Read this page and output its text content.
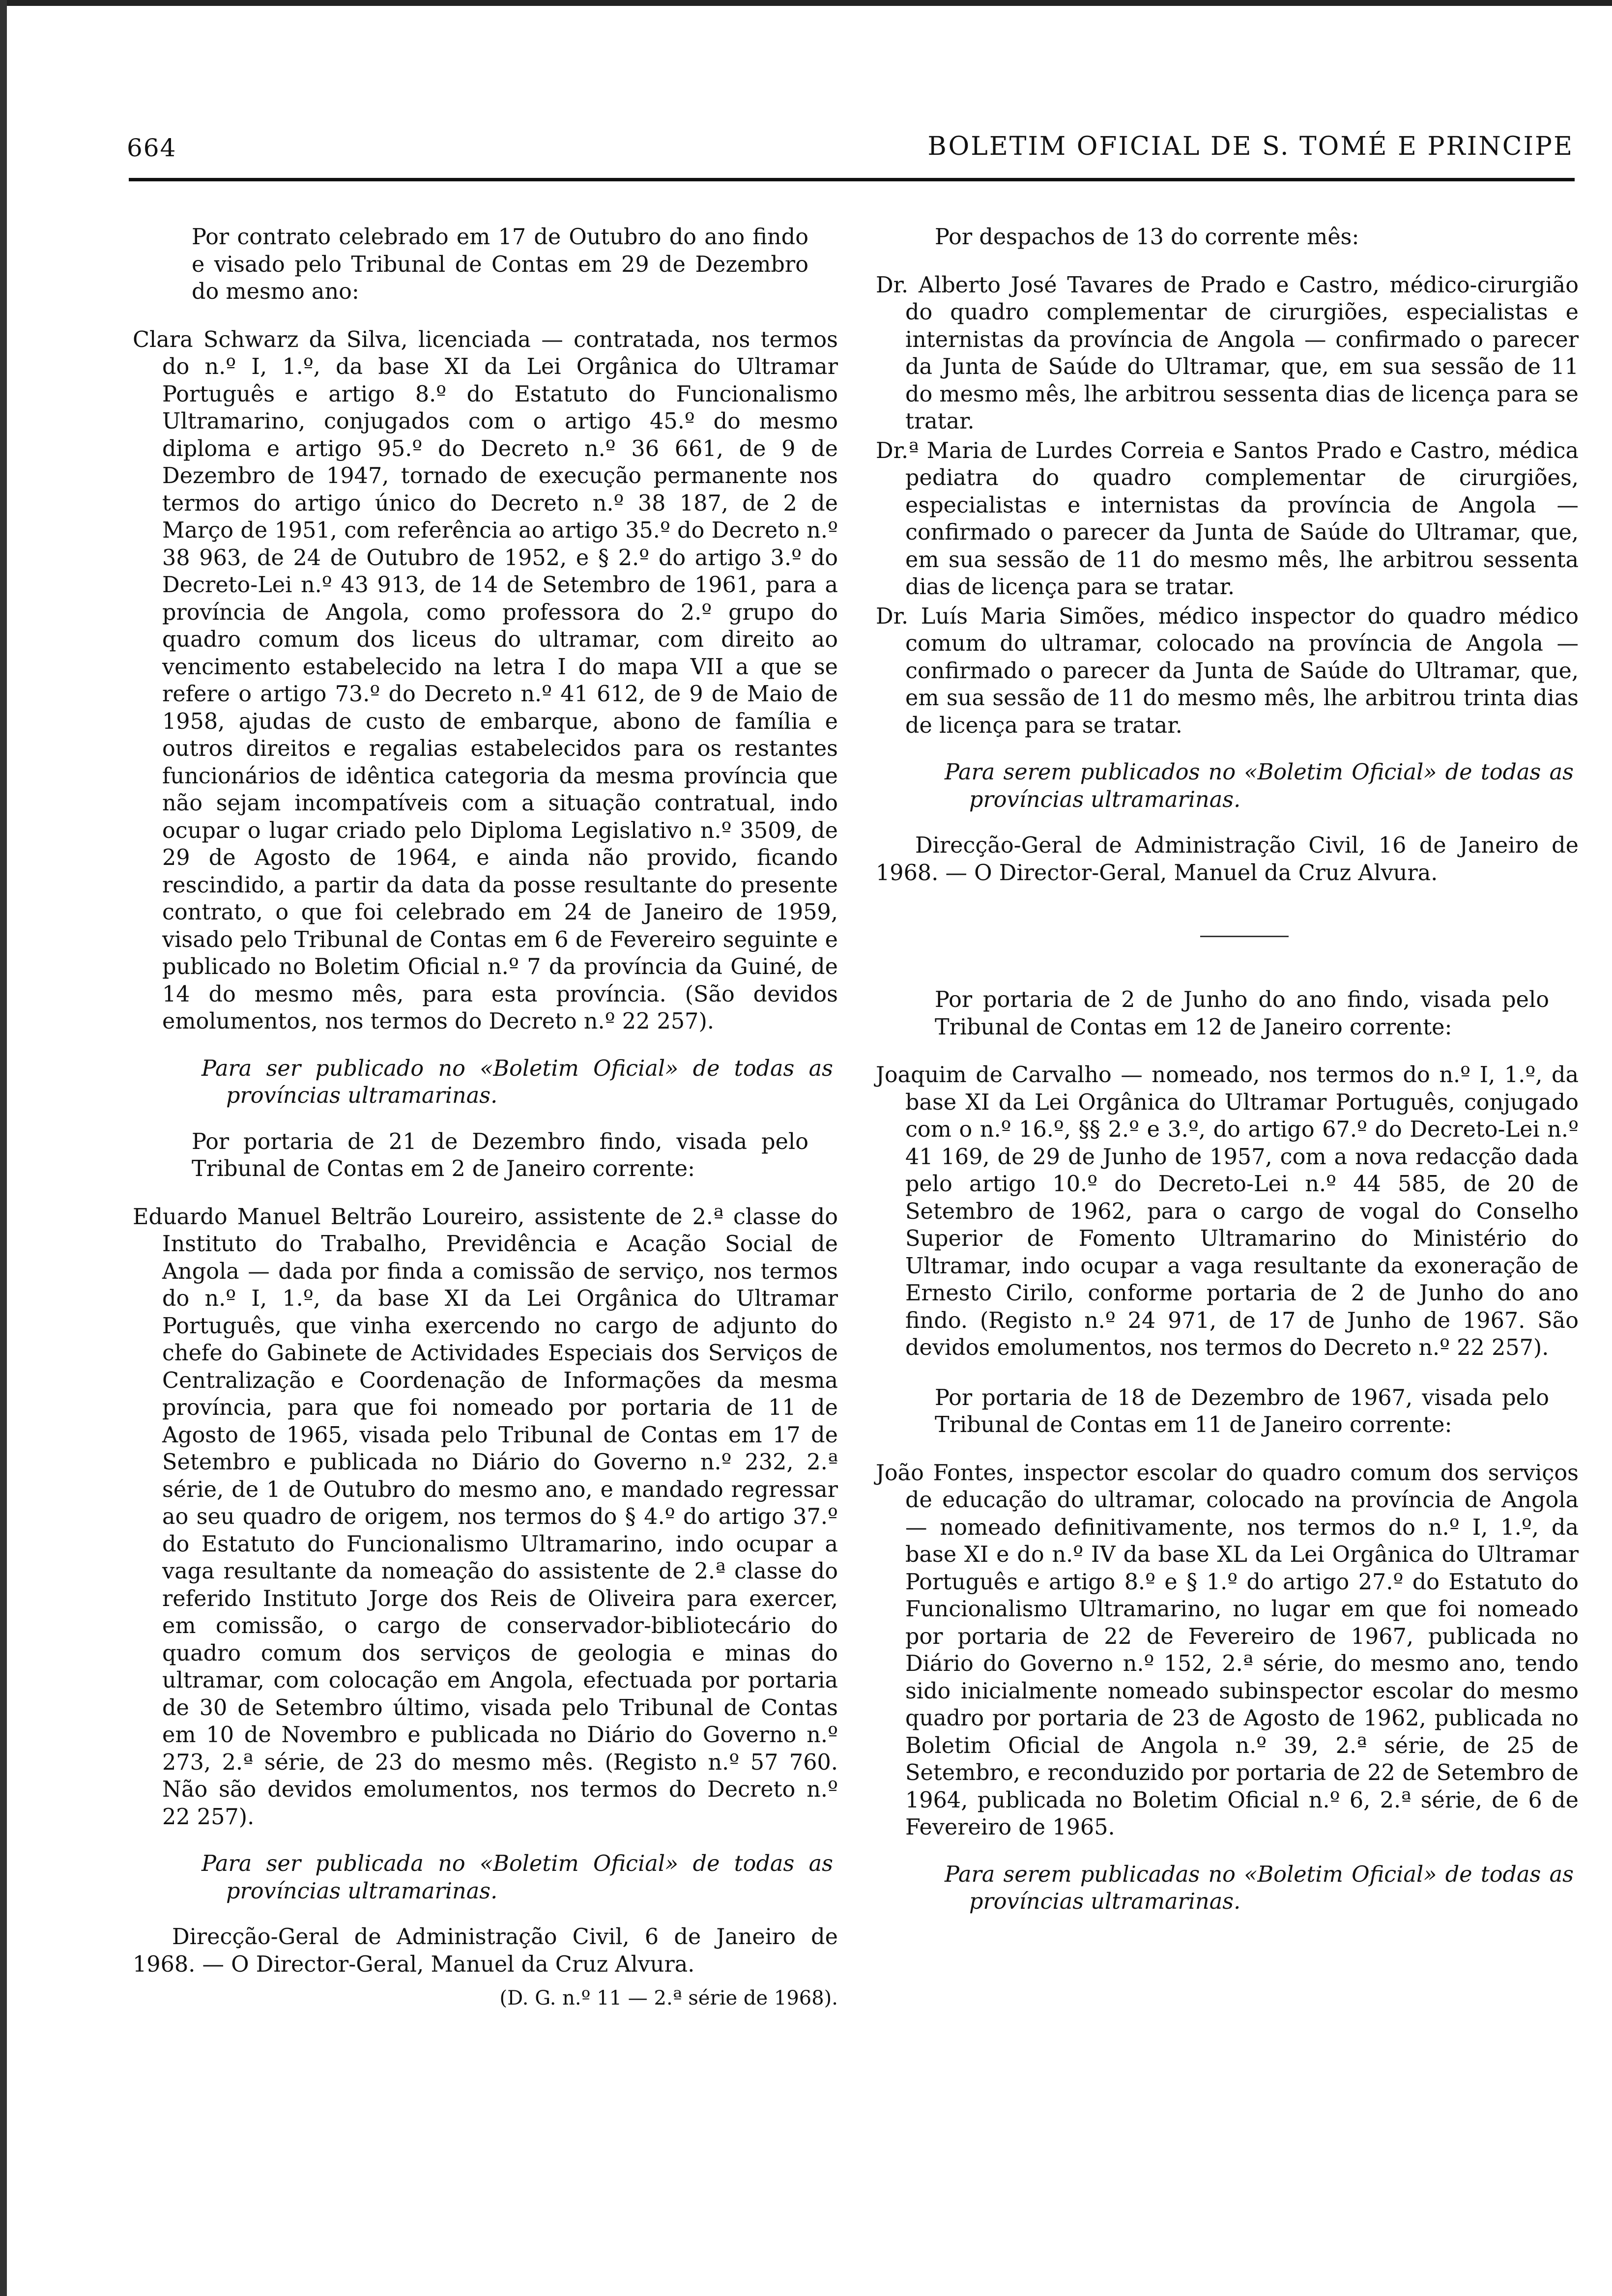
664	BOLETIM OFICIAL DE S. TOMÉ E PRINCIPE

Por contrato celebrado em 17 de Outubro do ano findo e visado pelo Tribunal de Contas em 29 de Dezembro do mesmo ano:

Clara Schwarz da Silva, licenciada — contratada, nos termos do n.º I, 1.º, da base XI da Lei Orgânica do Ultramar Português e artigo 8.º do Estatuto do Funcionalismo Ultramarino, conjugados com o artigo 45.º do mesmo diploma e artigo 95.º do Decreto n.º 36 661, de 9 de Dezembro de 1947, tornado de execução permanente nos termos do artigo único do Decreto n.º 38 187, de 2 de Março de 1951, com referência ao artigo 35.º do Decreto n.º 38 963, de 24 de Outubro de 1952, e § 2.º do artigo 3.º do Decreto-Lei n.º 43 913, de 14 de Setembro de 1961, para a província de Angola, como professora do 2.º grupo do quadro comum dos liceus do ultramar, com direito ao vencimento estabelecido na letra I do mapa VII a que se refere o artigo 73.º do Decreto n.º 41 612, de 9 de Maio de 1958, ajudas de custo de embarque, abono de família e outros direitos e regalias estabelecidos para os restantes funcionários de idêntica categoria da mesma província que não sejam incompatíveis com a situação contratual, indo ocupar o lugar criado pelo Diploma Legislativo n.º 3509, de 29 de Agosto de 1964, e ainda não provido, ficando rescindido, a partir da data da posse resultante do presente contrato, o que foi celebrado em 24 de Janeiro de 1959, visado pelo Tribunal de Contas em 6 de Fevereiro seguinte e publicado no Boletim Oficial n.º 7 da província da Guiné, de 14 do mesmo mês, para esta província. (São devidos emolumentos, nos termos do Decreto n.º 22 257).

Para ser publicado no «Boletim Oficial» de todas as províncias ultramarinas.

Por portaria de 21 de Dezembro findo, visada pelo Tribunal de Contas em 2 de Janeiro corrente:

Eduardo Manuel Beltrão Loureiro, assistente de 2.ª classe do Instituto do Trabalho, Previdência e Acação Social de Angola — dada por finda a comissão de serviço, nos termos do n.º I, 1.º, da base XI da Lei Orgânica do Ultramar Português, que vinha exercendo no cargo de adjunto do chefe do Gabinete de Actividades Especiais dos Serviços de Centralização e Coordenação de Informações da mesma província, para que foi nomeado por portaria de 11 de Agosto de 1965, visada pelo Tribunal de Contas em 17 de Setembro e publicada no Diário do Governo n.º 232, 2.ª série, de 1 de Outubro do mesmo ano, e mandado regressar ao seu quadro de origem, nos termos do § 4.º do artigo 37.º do Estatuto do Funcionalismo Ultramarino, indo ocupar a vaga resultante da nomeação do assistente de 2.ª classe do referido Instituto Jorge dos Reis de Oliveira para exercer, em comissão, o cargo de conservador-bibliotecário do quadro comum dos serviços de geologia e minas do ultramar, com colocação em Angola, efectuada por portaria de 30 de Setembro último, visada pelo Tribunal de Contas em 10 de Novembro e publicada no Diário do Governo n.º 273, 2.ª série, de 23 do mesmo mês. (Registo n.º 57 760. Não são devidos emolumentos, nos termos do Decreto n.º 22 257).

Para ser publicada no «Boletim Oficial» de todas as províncias ultramarinas.

Direcção-Geral de Administração Civil, 6 de Janeiro de 1968. — O Director-Geral, Manuel da Cruz Alvura.

(D. G. n.º 11 — 2.ª série de 1968).

Por despachos de 13 do corrente mês:

Dr. Alberto José Tavares de Prado e Castro, médico-cirurgião do quadro complementar de cirurgiões, especialistas e internistas da província de Angola — confirmado o parecer da Junta de Saúde do Ultramar, que, em sua sessão de 11 do mesmo mês, lhe arbitrou sessenta dias de licença para se tratar.

Dr.ª Maria de Lurdes Correia e Santos Prado e Castro, médica pediatra do quadro complementar de cirurgiões, especialistas e internistas da província de Angola — confirmado o parecer da Junta de Saúde do Ultramar, que, em sua sessão de 11 do mesmo mês, lhe arbitrou sessenta dias de licença para se tratar.

Dr. Luís Maria Simões, médico inspector do quadro médico comum do ultramar, colocado na província de Angola — confirmado o parecer da Junta de Saúde do Ultramar, que, em sua sessão de 11 do mesmo mês, lhe arbitrou trinta dias de licença para se tratar.

Para serem publicados no «Boletim Oficial» de todas as províncias ultramarinas.

Direcção-Geral de Administração Civil, 16 de Janeiro de 1968. — O Director-Geral, Manuel da Cruz Alvura.

Por portaria de 2 de Junho do ano findo, visada pelo Tribunal de Contas em 12 de Janeiro corrente:

Joaquim de Carvalho — nomeado, nos termos do n.º I, 1.º, da base XI da Lei Orgânica do Ultramar Português, conjugado com o n.º 16.º, §§ 2.º e 3.º, do artigo 67.º do Decreto-Lei n.º 41 169, de 29 de Junho de 1957, com a nova redacção dada pelo artigo 10.º do Decreto-Lei n.º 44 585, de 20 de Setembro de 1962, para o cargo de vogal do Conselho Superior de Fomento Ultramarino do Ministério do Ultramar, indo ocupar a vaga resultante da exoneração de Ernesto Cirilo, conforme portaria de 2 de Junho do ano findo. (Registo n.º 24 971, de 17 de Junho de 1967. São devidos emolumentos, nos termos do Decreto n.º 22 257).

Por portaria de 18 de Dezembro de 1967, visada pelo Tribunal de Contas em 11 de Janeiro corrente:

João Fontes, inspector escolar do quadro comum dos serviços de educação do ultramar, colocado na província de Angola — nomeado definitivamente, nos termos do n.º I, 1.º, da base XI e do n.º IV da base XL da Lei Orgânica do Ultramar Português e artigo 8.º e § 1.º do artigo 27.º do Estatuto do Funcionalismo Ultramarino, no lugar em que foi nomeado por portaria de 22 de Fevereiro de 1967, publicada no Diário do Governo n.º 152, 2.ª série, do mesmo ano, tendo sido inicialmente nomeado subinspector escolar do mesmo quadro por portaria de 23 de Agosto de 1962, publicada no Boletim Oficial de Angola n.º 39, 2.ª série, de 25 de Setembro, e reconduzido por portaria de 22 de Setembro de 1964, publicada no Boletim Oficial n.º 6, 2.ª série, de 6 de Fevereiro de 1965.

Para serem publicadas no «Boletim Oficial» de todas as províncias ultramarinas.
